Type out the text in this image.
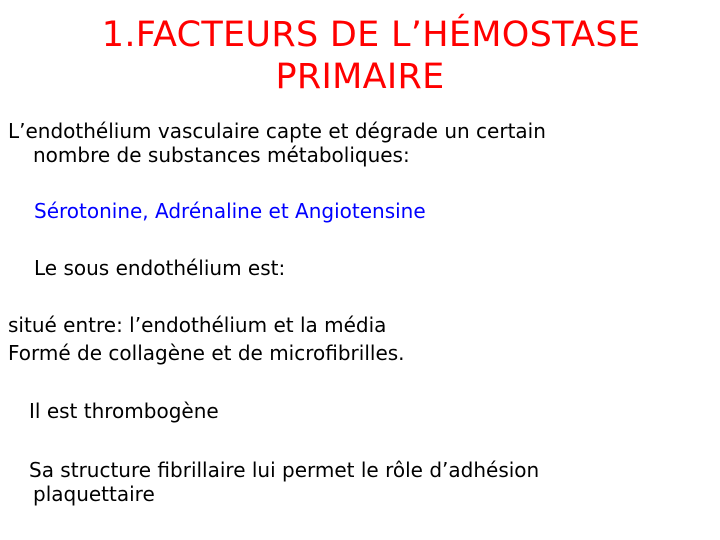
1.FACTEURS DE L’HÉMOSTASE
PRIMAIRE
L’endothélium vasculaire capte et dégrade un certain
nombre de substances métaboliques:
Sérotonine, Adrénaline et Angiotensine
Le sous endothélium est:
situé entre: l’endothélium et la média
Formé de collagène et de microfibrilles.
Il est thrombogène
Sa structure fibrillaire lui permet le rôle d’adhésion
plaquettaire
